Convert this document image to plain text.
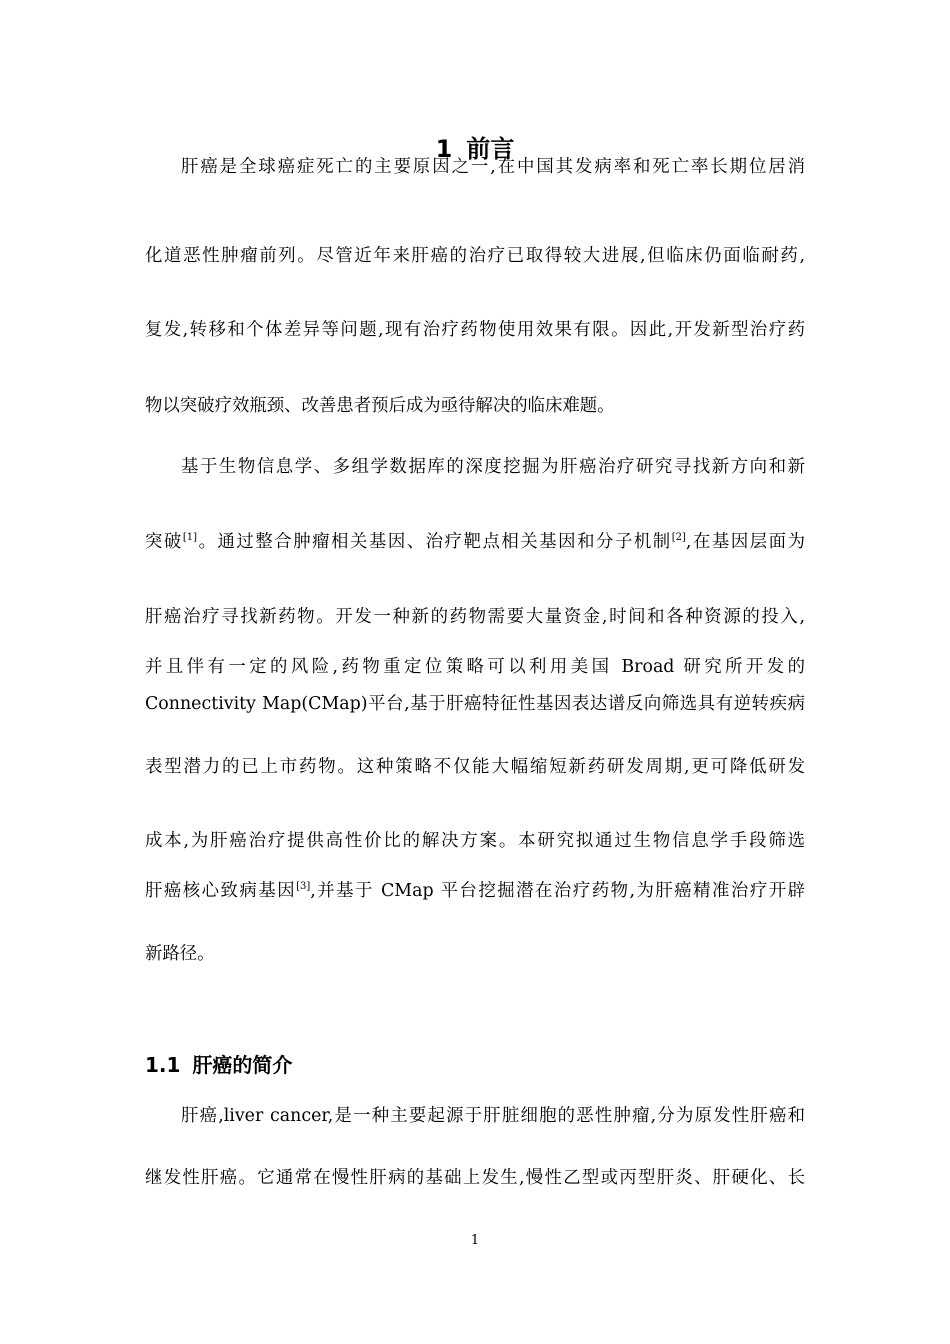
1 前言
肝癌是全球癌症死亡的主要原因之一,在中国其发病率和死亡率长期位居消
化道恶性肿瘤前列。尽管近年来肝癌的治疗已取得较大进展,但临床仍面临耐药,
复发,转移和个体差异等问题,现有治疗药物使用效果有限。因此,开发新型治疗药
物以突破疗效瓶颈、改善患者预后成为亟待解决的临床难题。
基于生物信息学、多组学数据库的深度挖掘为肝癌治疗研究寻找新方向和新
突破[1]。通过整合肿瘤相关基因、治疗靶点相关基因和分子机制[2],在基因层面为
肝癌治疗寻找新药物。开发一种新的药物需要大量资金,时间和各种资源的投入,
并且伴有一定的风险,药物重定位策略可以利用美国 Broad 研究所开发的
Connectivity Map(CMap)平台,基于肝癌特征性基因表达谱反向筛选具有逆转疾病
表型潜力的已上市药物。这种策略不仅能大幅缩短新药研发周期,更可降低研发
成本,为肝癌治疗提供高性价比的解决方案。本研究拟通过生物信息学手段筛选
肝癌核心致病基因[3],并基于 CMap 平台挖掘潜在治疗药物,为肝癌精准治疗开辟
新路径。
1.1 肝癌的简介
肝癌,liver cancer,是一种主要起源于肝脏细胞的恶性肿瘤,分为原发性肝癌和
继发性肝癌。它通常在慢性肝病的基础上发生,慢性乙型或丙型肝炎、肝硬化、长
1
